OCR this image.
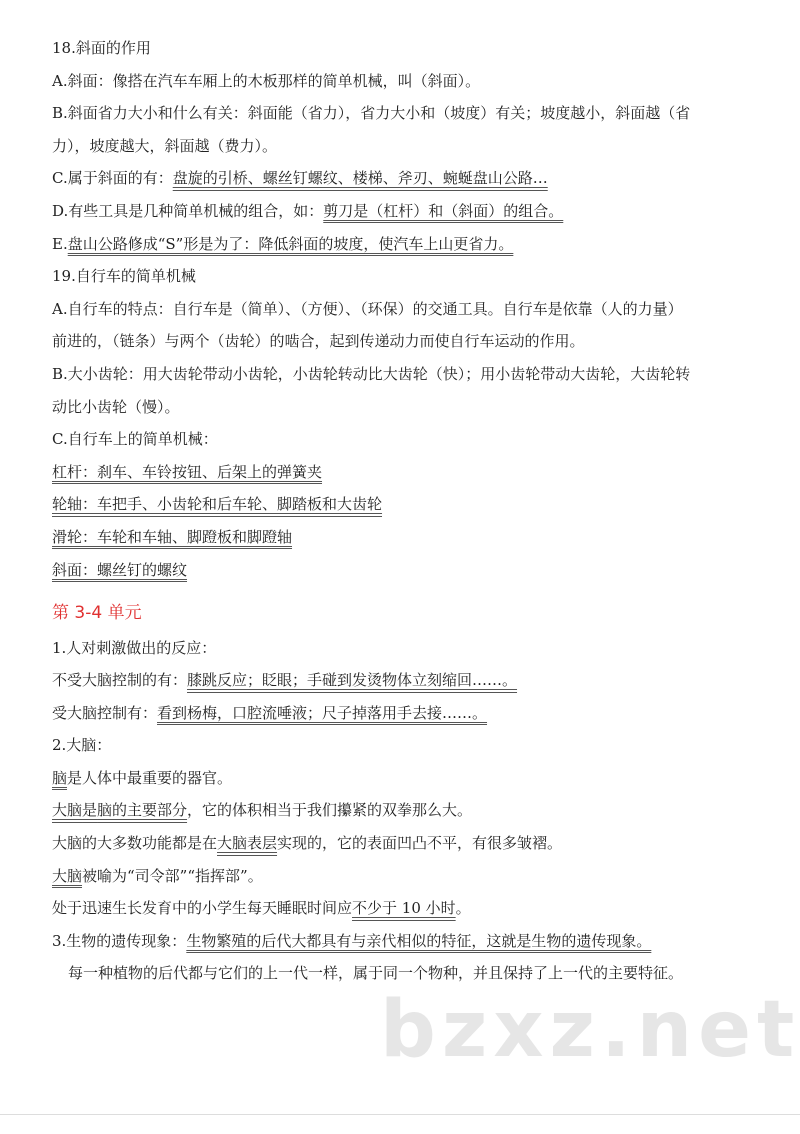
18.斜面的作用
A.斜面：像搭在汽车车厢上的木板那样的简单机械，叫（斜面）。
B.斜面省力大小和什么有关：斜面能（省力），省力大小和（坡度）有关；坡度越小，斜面越（省
力），坡度越大，斜面越（费力）。
C.属于斜面的有：盘旋的引桥、螺丝钉螺纹、楼梯、斧刃、蜿蜒盘山公路…
D.有些工具是几种简单机械的组合，如：剪刀是（杠杆）和（斜面）的组合。
E.盘山公路修成“S”形是为了：降低斜面的坡度，使汽车上山更省力。
19.自行车的简单机械
A.自行车的特点：自行车是（简单）、（方便）、（环保）的交通工具。自行车是依靠（人的力量）
前进的，（链条）与两个（齿轮）的啮合，起到传递动力而使自行车运动的作用。
B.大小齿轮：用大齿轮带动小齿轮，小齿轮转动比大齿轮（快）；用小齿轮带动大齿轮，大齿轮转
动比小齿轮（慢）。
C.自行车上的简单机械：
杠杆：刹车、车铃按钮、后架上的弹簧夹
轮轴：车把手、小齿轮和后车轮、脚踏板和大齿轮
滑轮：车轮和车轴、脚蹬板和脚蹬轴
斜面：螺丝钉的螺纹
第 3-4 单元
1.人对刺激做出的反应：
不受大脑控制的有：膝跳反应；眨眼；手碰到发烫物体立刻缩回……。
受大脑控制有：看到杨梅，口腔流唾液；尺子掉落用手去接……。
2.大脑：
脑是人体中最重要的器官。
大脑是脑的主要部分，它的体积相当于我们攥紧的双拳那么大。
大脑的大多数功能都是在大脑表层实现的，它的表面凹凸不平，有很多皱褶。
大脑被喻为“司令部”“指挥部”。
处于迅速生长发育中的小学生每天睡眠时间应不少于 10 小时。
3.生物的遗传现象：生物繁殖的后代大都具有与亲代相似的特征，这就是生物的遗传现象。
每一种植物的后代都与它们的上一代一样，属于同一个物种，并且保持了上一代的主要特征。
bzxz.net
